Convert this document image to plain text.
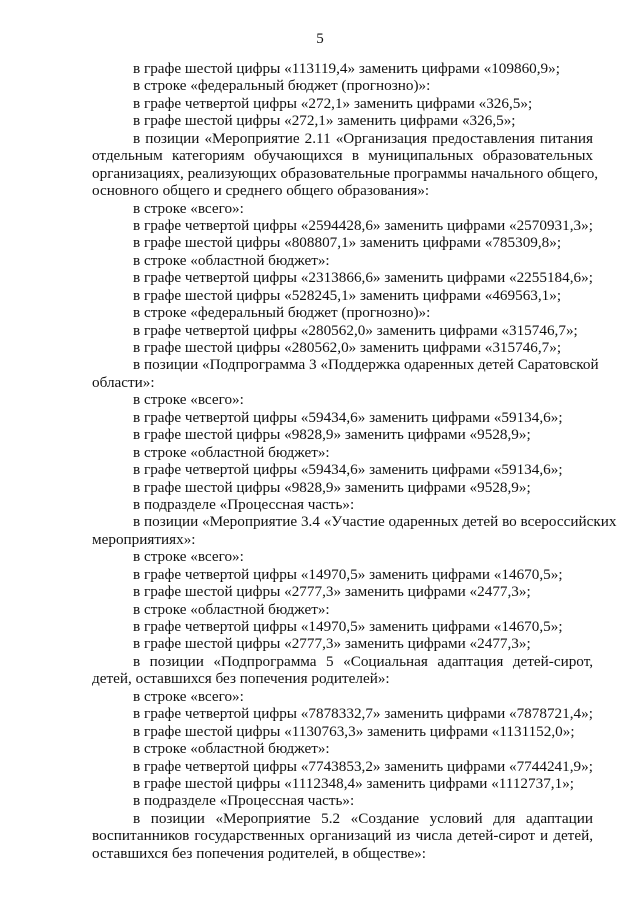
5
в графе шестой цифры «113119,4» заменить цифрами «109860,9»;
в строке «федеральный бюджет (прогнозно)»:
в графе четвертой цифры «272,1» заменить цифрами «326,5»;
в графе шестой цифры «272,1» заменить цифрами «326,5»;
в позиции «Мероприятие 2.11 «Организация предоставления питания
отдельным категориям обучающихся в муниципальных образовательных
организациях, реализующих образовательные программы начального общего,
основного общего и среднего общего образования»:
в строке «всего»:
в графе четвертой цифры «2594428,6» заменить цифрами «2570931,3»;
в графе шестой цифры «808807,1» заменить цифрами «785309,8»;
в строке «областной бюджет»:
в графе четвертой цифры «2313866,6» заменить цифрами «2255184,6»;
в графе шестой цифры «528245,1» заменить цифрами «469563,1»;
в строке «федеральный бюджет (прогнозно)»:
в графе четвертой цифры «280562,0» заменить цифрами «315746,7»;
в графе шестой цифры «280562,0» заменить цифрами «315746,7»;
в позиции «Подпрограмма 3 «Поддержка одаренных детей Саратовской
области»:
в строке «всего»:
в графе четвертой цифры «59434,6» заменить цифрами «59134,6»;
в графе шестой цифры «9828,9» заменить цифрами «9528,9»;
в строке «областной бюджет»:
в графе четвертой цифры «59434,6» заменить цифрами «59134,6»;
в графе шестой цифры «9828,9» заменить цифрами «9528,9»;
в подразделе «Процессная часть»:
в позиции «Мероприятие 3.4 «Участие одаренных детей во всероссийских
мероприятиях»:
в строке «всего»:
в графе четвертой цифры «14970,5» заменить цифрами «14670,5»;
в графе шестой цифры «2777,3» заменить цифрами «2477,3»;
в строке «областной бюджет»:
в графе четвертой цифры «14970,5» заменить цифрами «14670,5»;
в графе шестой цифры «2777,3» заменить цифрами «2477,3»;
в позиции «Подпрограмма 5 «Социальная адаптация детей-сирот,
детей, оставшихся без попечения родителей»:
в строке «всего»:
в графе четвертой цифры «7878332,7» заменить цифрами «7878721,4»;
в графе шестой цифры «1130763,3» заменить цифрами «1131152,0»;
в строке «областной бюджет»:
в графе четвертой цифры «7743853,2» заменить цифрами «7744241,9»;
в графе шестой цифры «1112348,4» заменить цифрами «1112737,1»;
в подразделе «Процессная часть»:
в позиции «Мероприятие 5.2 «Создание условий для адаптации
воспитанников государственных организаций из числа детей-сирот и детей,
оставшихся без попечения родителей, в обществе»:
